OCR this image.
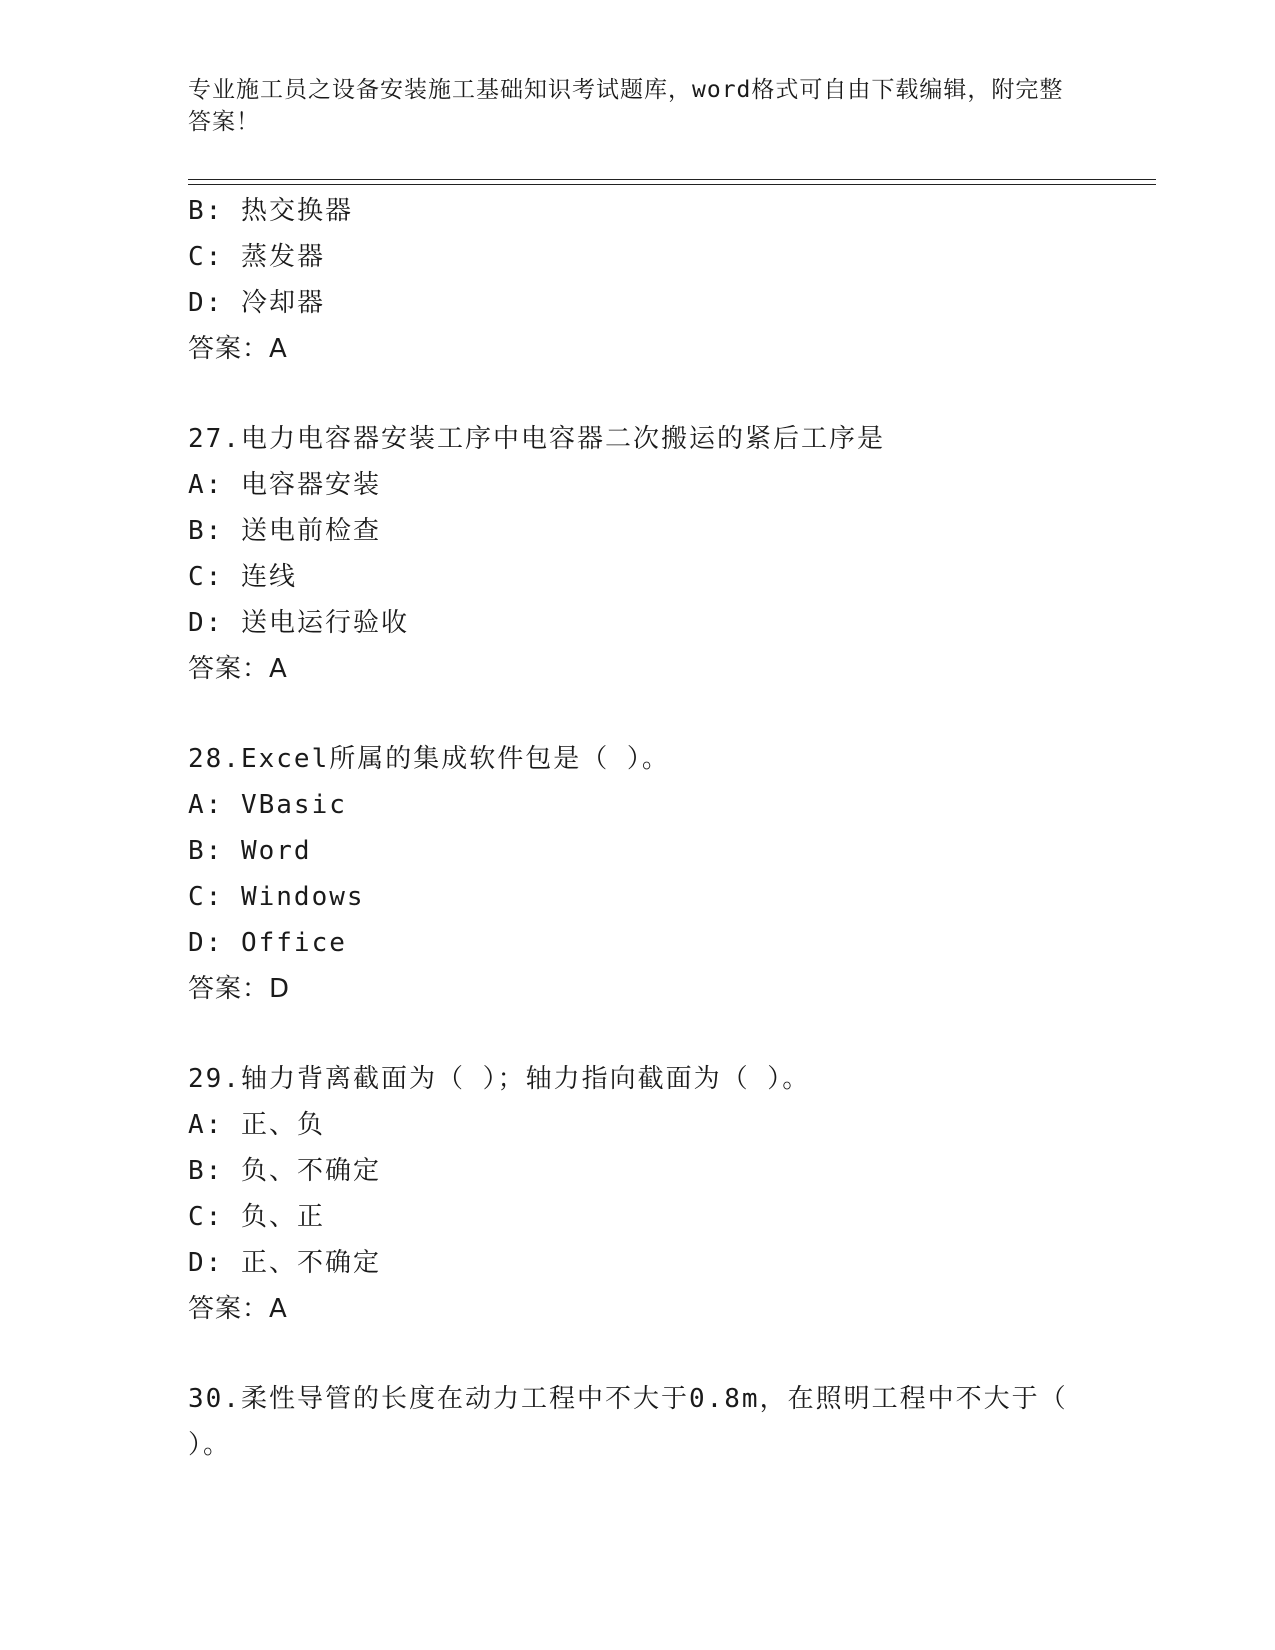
专业施工员之设备安装施工基础知识考试题库，word格式可自由下载编辑，附完整答案！
B: 热交换器
C: 蒸发器
D: 冷却器
答案：A
27.电力电容器安装工序中电容器二次搬运的紧后工序是
A: 电容器安装
B: 送电前检查
C: 连线
D: 送电运行验收
答案：A
28.Excel所属的集成软件包是（ ）。
A: VBasic
B: Word
C: Windows
D: Office
答案：D
29.轴力背离截面为（ ）；轴力指向截面为（ ）。
A: 正、负
B: 负、不确定
C: 负、正
D: 正、不确定
答案：A
30.柔性导管的长度在动力工程中不大于0.8m，在照明工程中不大于（ ）。
